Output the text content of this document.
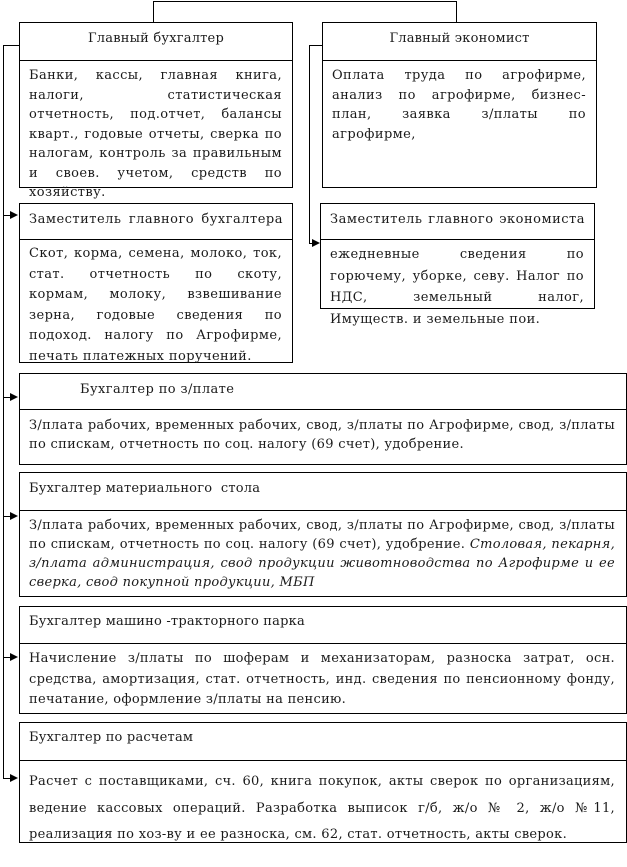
Главный бухгалтер
Банки, кассы, главная книга, налоги, статистическая отчетность, под.отчет, балансы кварт., годовые отчеты, сверка по налогам, контроль за правильным и своев. учетом, средств по хозяйству.
Главный экономист
Оплата труда по агрофирме, анализ по агрофирме, бизнес-план, заявка з/платы по агрофирме,
Заместитель главного бухгалтера
Скот, корма, семена, молоко, ток, стат. отчетность по скоту, кормам, молоку, взвешивание зерна, годовые сведения по подоход. налогу по Агрофирме, печать платежных поручений.
Заместитель главного экономиста
ежедневные сведения по горючему, уборке, севу. Налог по НДС, земельный налог, Имуществ. и земельные пои.
Бухгалтер по з/плате
З/плата рабочих, временных рабочих, свод, з/платы по Агрофирме, свод, з/платы по спискам, отчетность по соц. налогу (69 счет), удобрение.
Бухгалтер материального  стола
З/плата рабочих, временных рабочих, свод, з/платы по Агрофирме, свод, з/платы по спискам, отчетность по соц. налогу (69 счет), удобрение. Столовая, пекарня, з/плата администрация, свод продукции животноводства по Агрофирме и ее сверка, свод покупной продукции, МБП
Бухгалтер машино -тракторного парка
Начисление з/платы по шоферам и механизаторам, разноска затрат, осн. средства, амортизация, стат. отчетность, инд. сведения по пенсионному фонду, печатание, оформление з/платы на пенсию.
Бухгалтер по расчетам
Расчет с поставщиками, сч. 60, книга покупок, акты сверок по организациям, ведение кассовых операций. Разработка выписок г/б, ж/о № 2, ж/о №11, реализация по хоз-ву и ее разноска, см. 62, стат. отчетность, акты сверок.
